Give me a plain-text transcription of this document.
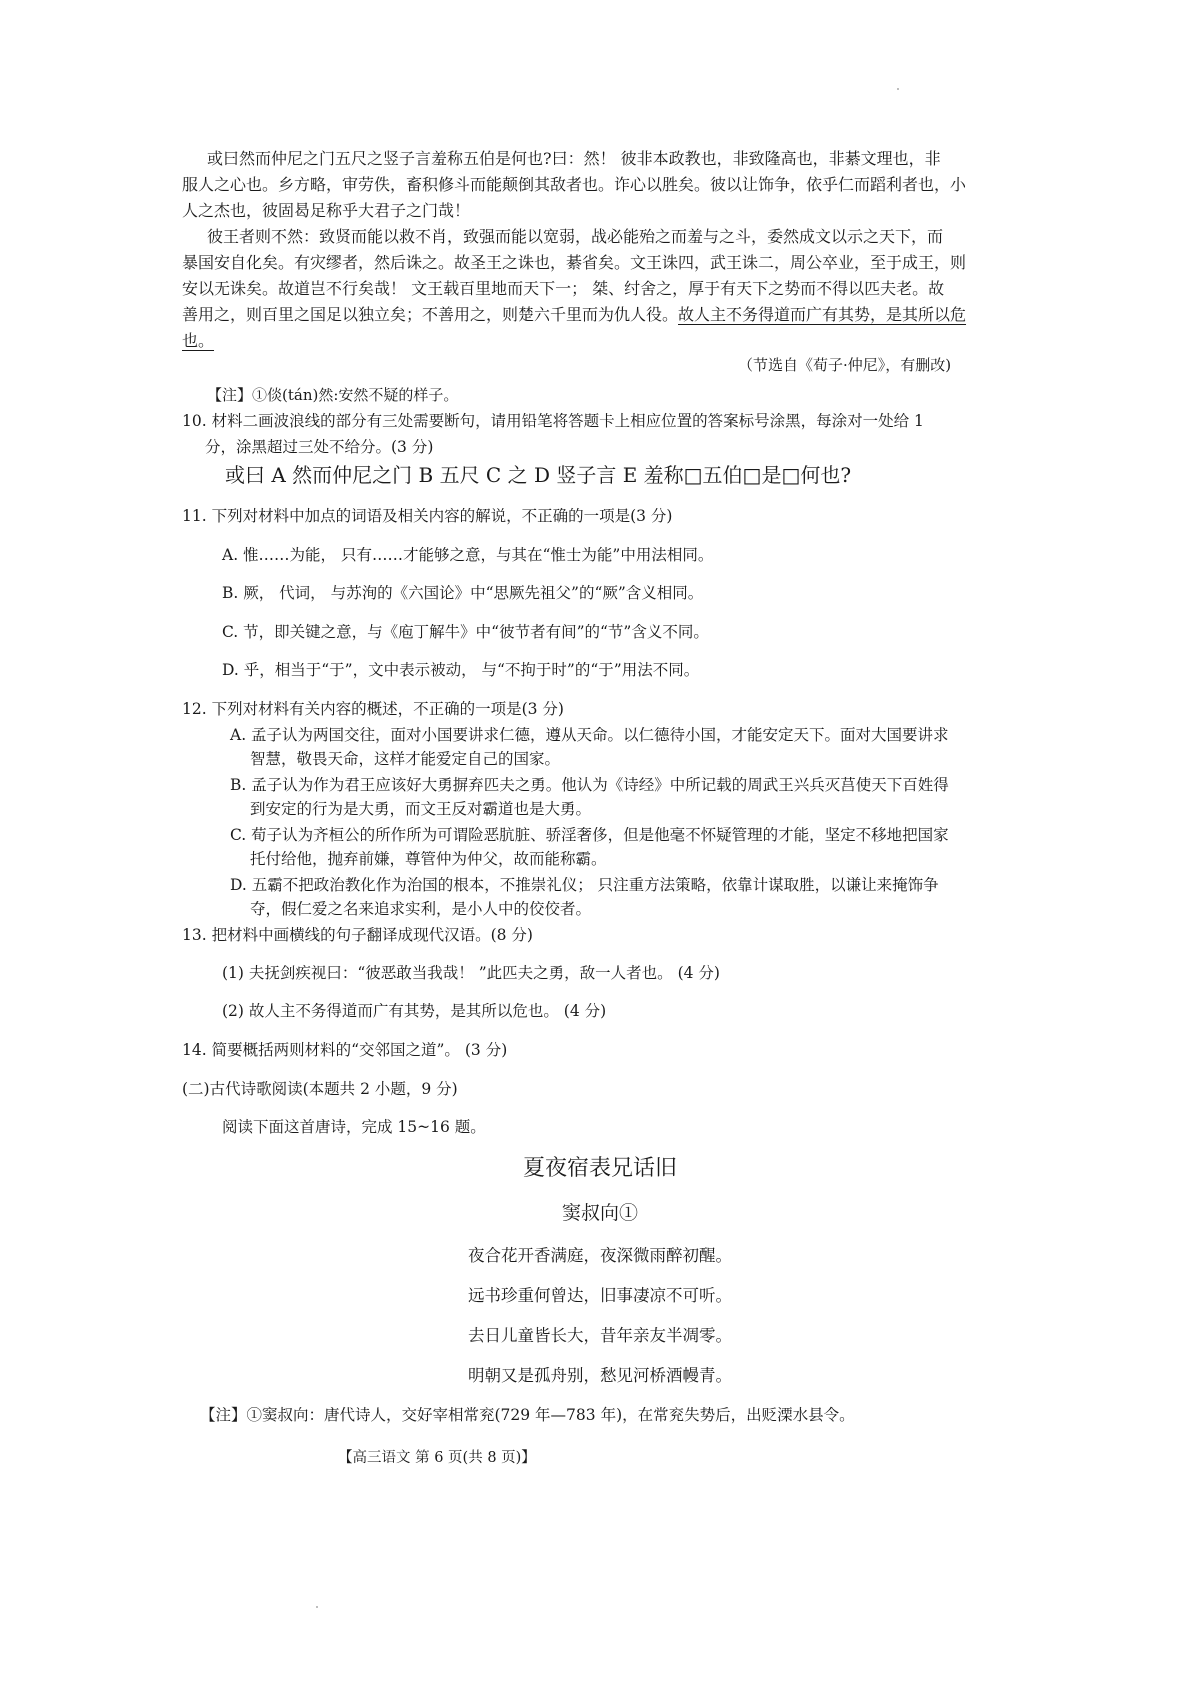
或曰然而仲尼之门五尺之竖子言羞称五伯是何也?曰：然！ 彼非本政教也，非致隆高也，非綦文理也，非

服人之心也。乡方略，审劳佚，畜积修斗而能颠倒其敌者也。诈心以胜矣。彼以让饰争，依乎仁而蹈利者也，小

人之杰也，彼固曷足称乎大君子之门哉！

彼王者则不然：致贤而能以救不肖，致强而能以宽弱，战必能殆之而羞与之斗，委然成文以示之天下，而

暴国安自化矣。有灾缪者，然后诛之。故圣王之诛也，綦省矣。文王诛四，武王诛二，周公卒业，至于成王，则

安以无诛矣。故道岂不行矣哉！ 文王载百里地而天下一； 桀、纣舍之，厚于有天下之势而不得以匹夫老。故

善用之，则百里之国足以独立矣；不善用之，则楚六千里而为仇人役。故人主不务得道而广有其势，是其所以危

也。

（节选自《荀子·仲尼》，有删改)

【注】①倓(tán)然:安然不疑的样子。

10. 材料二画波浪线的部分有三处需要断句，请用铅笔将答题卡上相应位置的答案标号涂黑，每涂对一处给 1

分，涂黑超过三处不给分。(3 分)

或曰 A 然而仲尼之门 B 五尺 C 之 D 竖子言 E 羞称□五伯□是□何也?

11. 下列对材料中加点的词语及相关内容的解说，不正确的一项是(3 分)

A. 惟……为能， 只有……才能够之意，与其在“惟士为能”中用法相同。

B. 厥， 代词， 与苏洵的《六国论》中“思厥先祖父”的“厥”含义相同。

C. 节，即关键之意，与《庖丁解牛》中“彼节者有间”的“节”含义不同。

D. 乎，相当于“于”，文中表示被动， 与“不拘于时”的“于”用法不同。

12. 下列对材料有关内容的概述，不正确的一项是(3 分)

A. 孟子认为两国交往，面对小国要讲求仁德，遵从天命。以仁德待小国，才能安定天下。面对大国要讲求

智慧，敬畏天命，这样才能爱定自己的国家。

B. 孟子认为作为君王应该好大勇摒弃匹夫之勇。他认为《诗经》中所记载的周武王兴兵灭莒使天下百姓得

到安定的行为是大勇，而文王反对霸道也是大勇。

C. 荀子认为齐桓公的所作所为可谓险恶肮脏、骄淫奢侈，但是他毫不怀疑管理的才能，坚定不移地把国家

托付给他，抛弃前嫌，尊管仲为仲父，故而能称霸。

D. 五霸不把政治教化作为治国的根本，不推崇礼仪； 只注重方法策略，依靠计谋取胜，以谦让来掩饰争

夺，假仁爱之名来追求实利，是小人中的佼佼者。

13. 把材料中画横线的句子翻译成现代汉语。(8 分)

(1) 夫抚剑疾视曰：“彼恶敢当我哉！ ”此匹夫之勇，敌一人者也。 (4 分)

(2) 故人主不务得道而广有其势，是其所以危也。 (4 分)

14. 简要概括两则材料的“交邻国之道”。 (3 分)

(二)古代诗歌阅读(本题共 2 小题，9 分)

阅读下面这首唐诗，完成 15~16 题。

夏夜宿表兄话旧

窦叔向①

夜合花开香满庭，夜深微雨醉初醒。

远书珍重何曾达，旧事凄凉不可听。

去日儿童皆长大，昔年亲友半凋零。

明朝又是孤舟别，愁见河桥酒幔青。

【注】①窦叔向：唐代诗人，交好宰相常兖(729 年—783 年)，在常兖失势后，出贬溧水县令。

【高三语文 第 6 页(共 8 页)】
